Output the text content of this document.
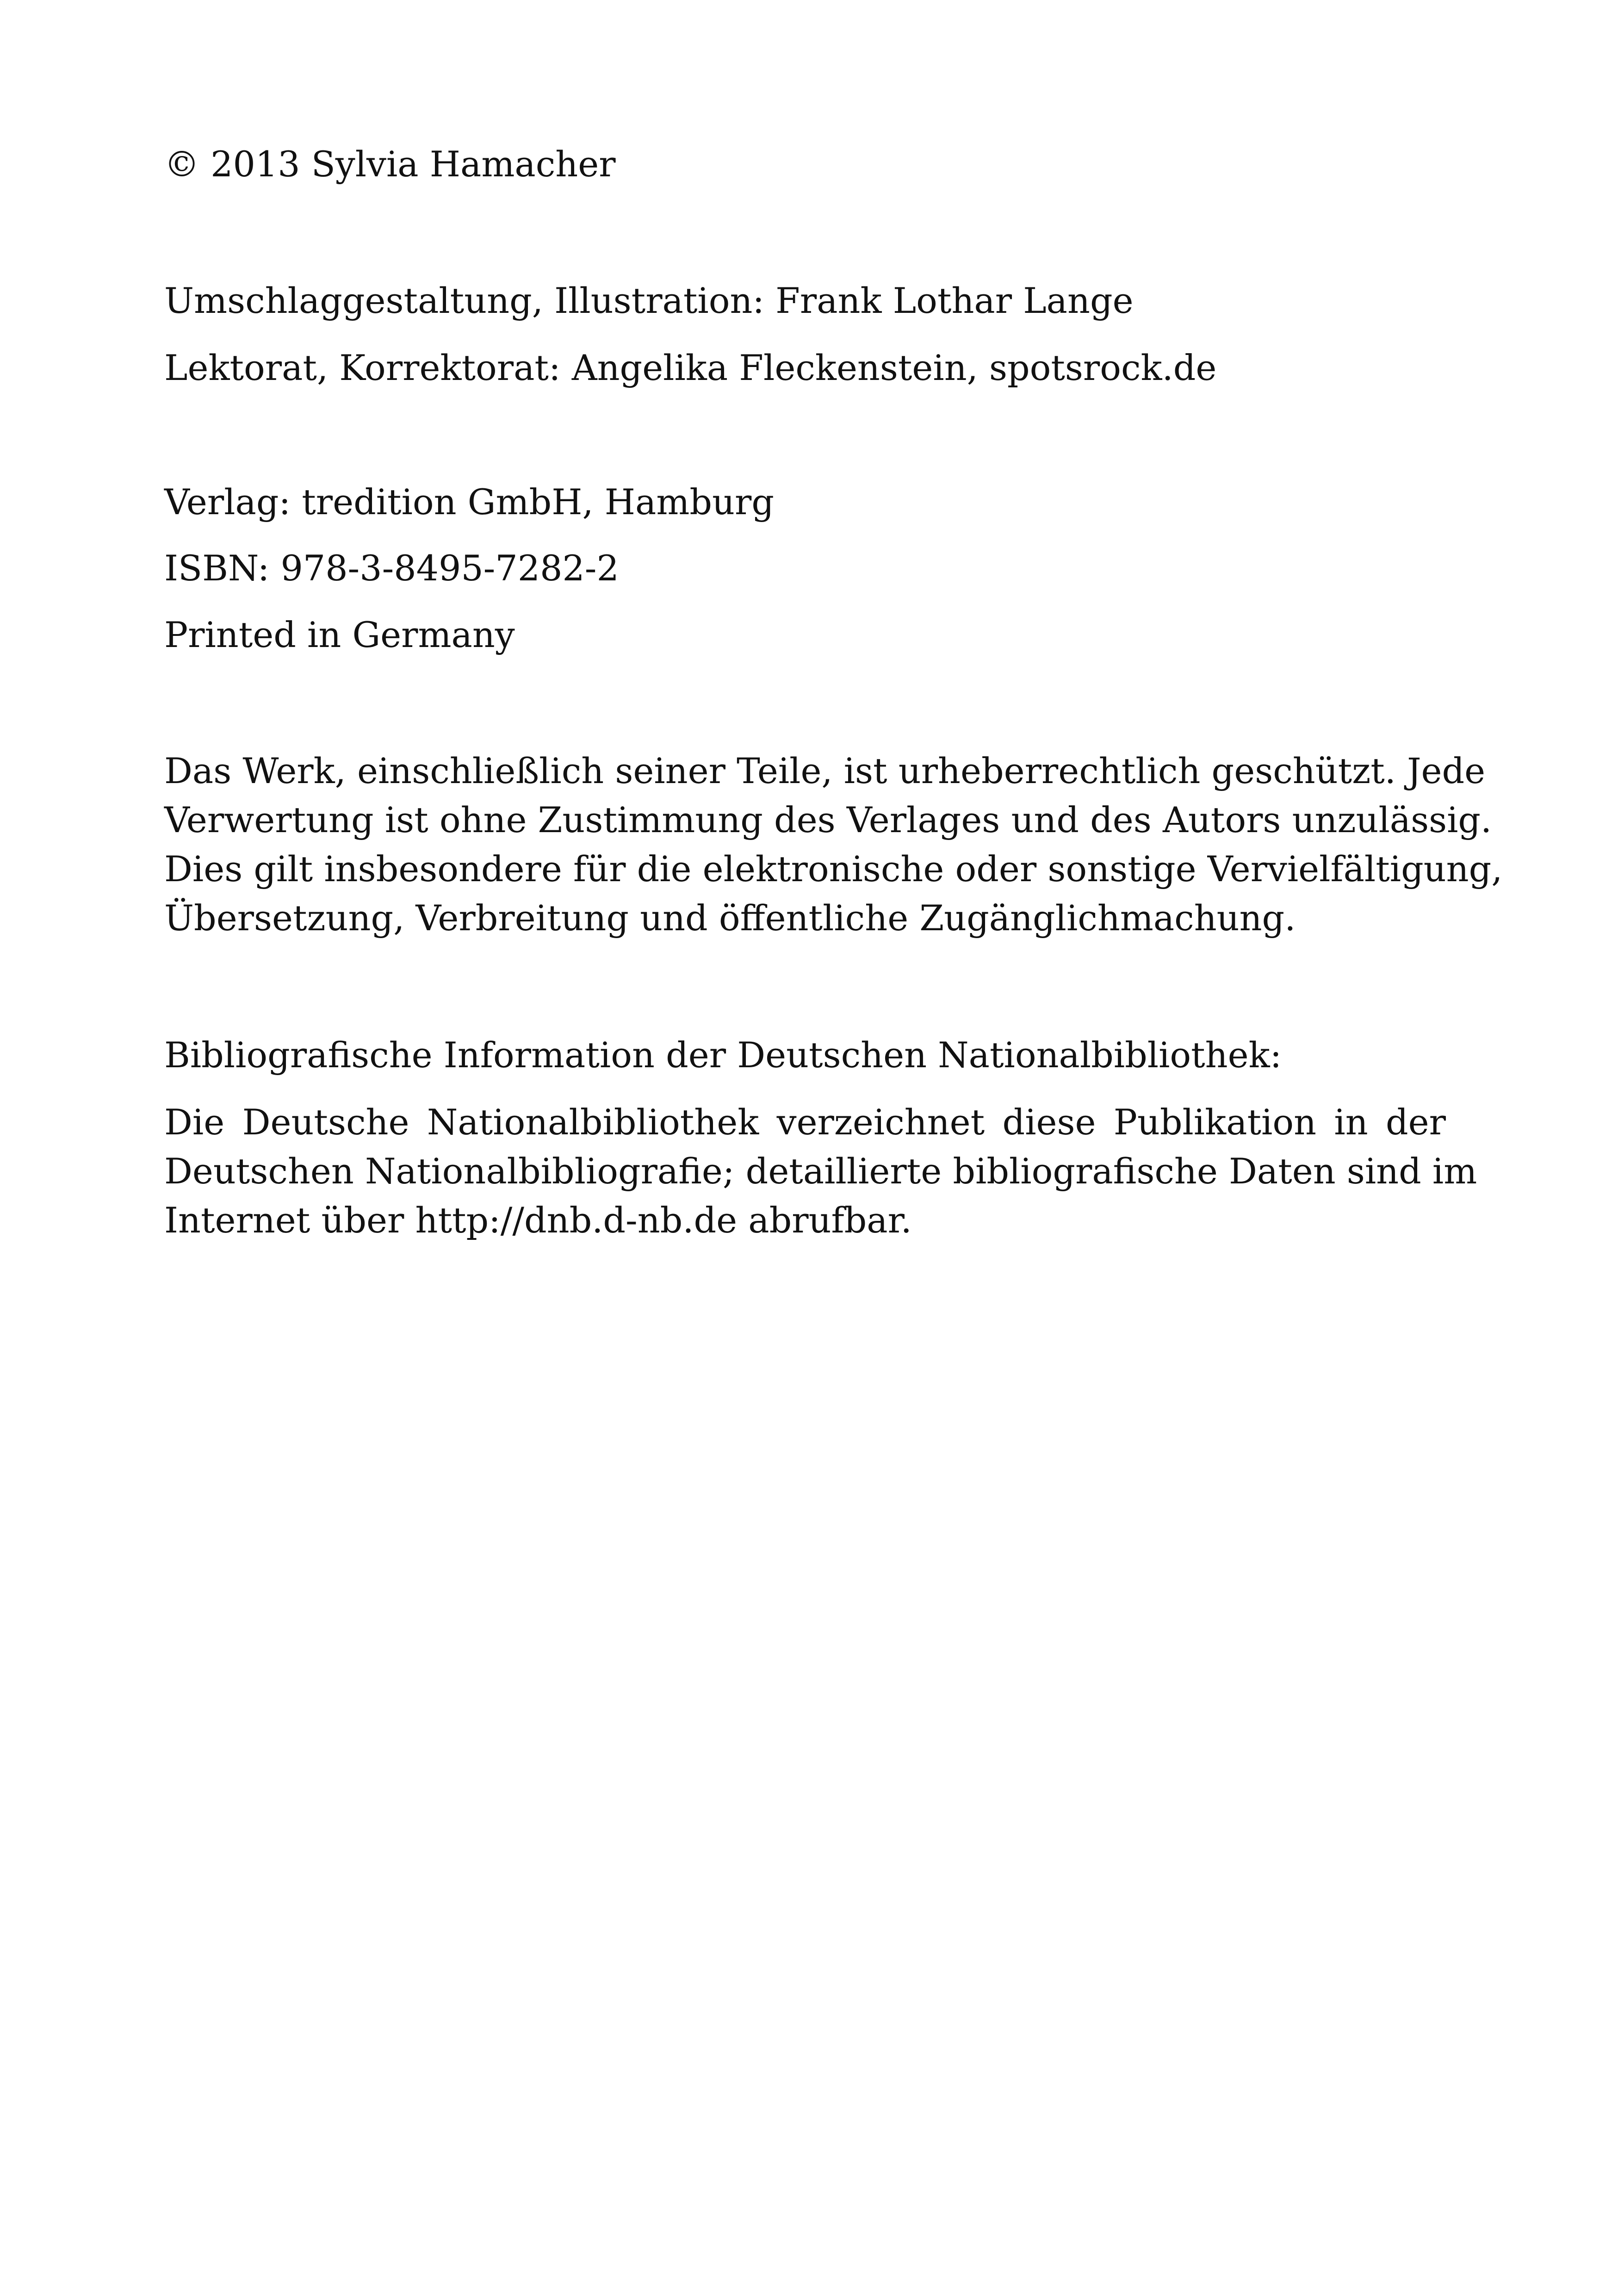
© 2013 Sylvia Hamacher
Umschlaggestaltung, Illustration: Frank Lothar Lange
Lektorat, Korrektorat: Angelika Fleckenstein, spotsrock.de
Verlag: tredition GmbH, Hamburg
ISBN: 978-3-8495-7282-2
Printed in Germany
Das Werk, einschließlich seiner Teile, ist urheberrechtlich geschützt. Jede
Verwertung ist ohne Zustimmung des Verlages und des Autors unzulässig.
Dies gilt insbesondere für die elektronische oder sonstige Vervielfältigung,
Übersetzung, Verbreitung und öffentliche Zugänglichmachung.
Bibliografische Information der Deutschen Nationalbibliothek:
Die Deutsche Nationalbibliothek verzeichnet diese Publikation in der
Deutschen Nationalbibliografie; detaillierte bibliografische Daten sind im
Internet über http://dnb.d-nb.de abrufbar.
